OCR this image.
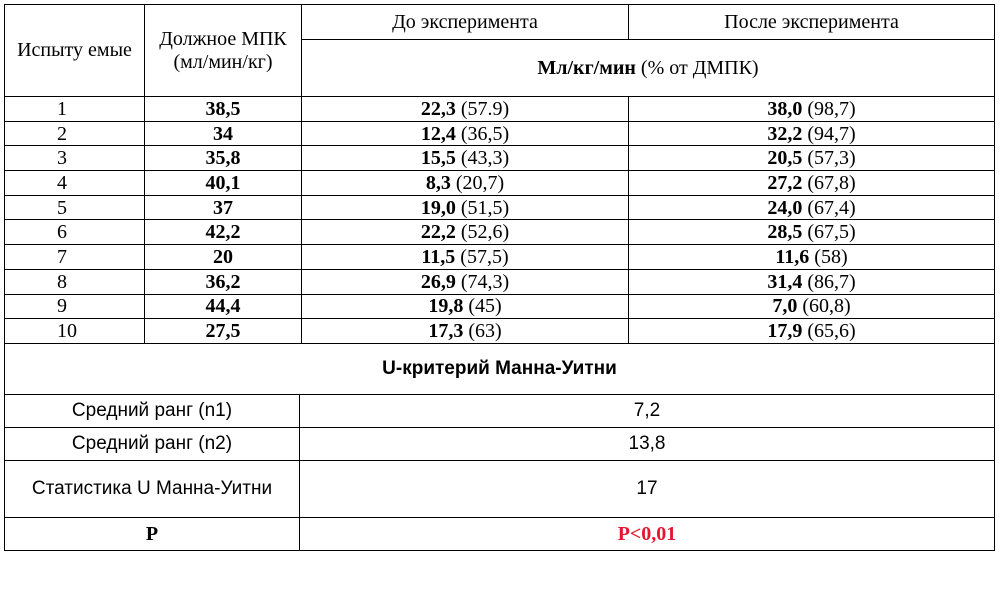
Испыту емые	Должное МПК (мл/мин/кг)		До эксперимента	После эксперимента
			Мл/кг/мин (% от ДМПК)	
1	38,5		22,3 (57.9)	38,0 (98,7)
2	34		12,4 (36,5)	32,2 (94,7)
3	35,8		15,5 (43,3)	20,5 (57,3)
4	40,1		8,3 (20,7)	27,2 (67,8)
5	37		19,0 (51,5)	24,0 (67,4)
6	42,2		22,2 (52,6)	28,5 (67,5)
7	20		11,5 (57,5)	11,6 (58)
8	36,2		26,9 (74,3)	31,4 (86,7)
9	44,4		19,8 (45)	7,0 (60,8)
10	27,5		17,3 (63)	17,9 (65,6)
U-критерий Манна-Уитни				
Средний ранг (n1)		7,2		
Средний ранг (n2)		13,8		
Статистика U Манна-Уитни		17		
P		P<0,01		
